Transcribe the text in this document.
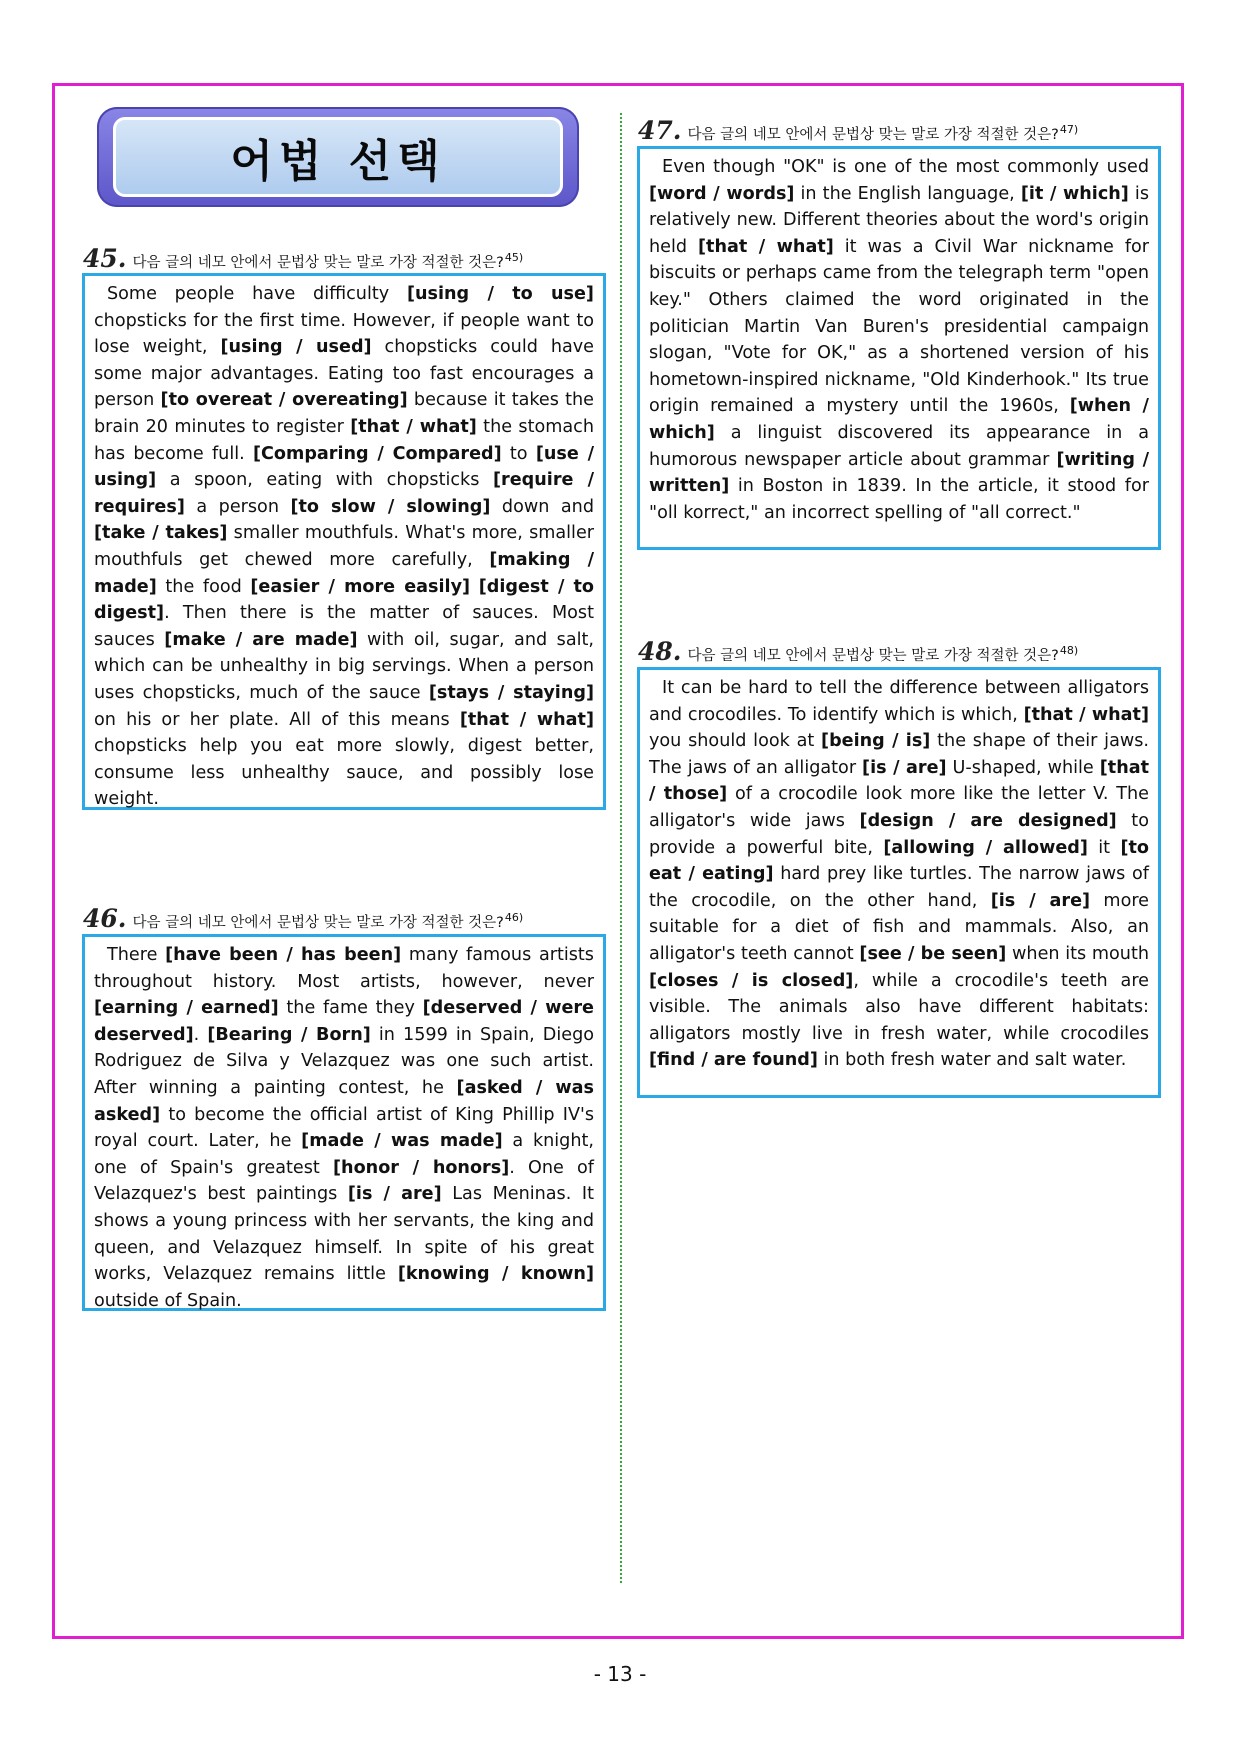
어법 선택
45. 다음 글의 네모 안에서 문법상 맞는 말로 가장 적절한 것은? 45)

Some people have difficulty [using / to use] chopsticks for the first time. However, if people want to lose weight, [using / used] chopsticks could have some major advantages. Eating too fast encourages a person [to overeat / overeating] because it takes the brain 20 minutes to register [that / what] the stomach has become full. [Comparing / Compared] to [use / using] a spoon, eating with chopsticks [require / requires] a person [to slow / slowing] down and [take / takes] smaller mouthfuls. What's more, smaller mouthfuls get chewed more carefully, [making / made] the food [easier / more easily] [digest / to digest]. Then there is the matter of sauces. Most sauces [make / are made] with oil, sugar, and salt, which can be unhealthy in big servings. When a person uses chopsticks, much of the sauce [stays / staying] on his or her plate. All of this means [that / what] chopsticks help you eat more slowly, digest better, consume less unhealthy sauce, and possibly lose weight.

46. 다음 글의 네모 안에서 문법상 맞는 말로 가장 적절한 것은? 46)

There [have been / has been] many famous artists throughout history. Most artists, however, never [earning / earned] the fame they [deserved / were deserved]. [Bearing / Born] in 1599 in Spain, Diego Rodriguez de Silva y Velazquez was one such artist. After winning a painting contest, he [asked / was asked] to become the official artist of King Phillip IV's royal court. Later, he [made / was made] a knight, one of Spain's greatest [honor / honors]. One of Velazquez's best paintings [is / are] Las Meninas. It shows a young princess with her servants, the king and queen, and Velazquez himself. In spite of his great works, Velazquez remains little [knowing / known] outside of Spain.

47. 다음 글의 네모 안에서 문법상 맞는 말로 가장 적절한 것은? 47)

Even though "OK" is one of the most commonly used [word / words] in the English language, [it / which] is relatively new. Different theories about the word's origin held [that / what] it was a Civil War nickname for biscuits or perhaps came from the telegraph term "open key." Others claimed the word originated in the politician Martin Van Buren's presidential campaign slogan, "Vote for OK," as a shortened version of his hometown-inspired nickname, "Old Kinderhook." Its true origin remained a mystery until the 1960s, [when / which] a linguist discovered its appearance in a humorous newspaper article about grammar [writing / written] in Boston in 1839. In the article, it stood for "oll korrect," an incorrect spelling of "all correct."

48. 다음 글의 네모 안에서 문법상 맞는 말로 가장 적절한 것은? 48)

It can be hard to tell the difference between alligators and crocodiles. To identify which is which, [that / what] you should look at [being / is] the shape of their jaws. The jaws of an alligator [is / are] U-shaped, while [that / those] of a crocodile look more like the letter V. The alligator's wide jaws [design / are designed] to provide a powerful bite, [allowing / allowed] it [to eat / eating] hard prey like turtles. The narrow jaws of the crocodile, on the other hand, [is / are] more suitable for a diet of fish and mammals. Also, an alligator's teeth cannot [see / be seen] when its mouth [closes / is closed], while a crocodile's teeth are visible. The animals also have different habitats: alligators mostly live in fresh water, while crocodiles [find / are found] in both fresh water and salt water.

- 13 -
